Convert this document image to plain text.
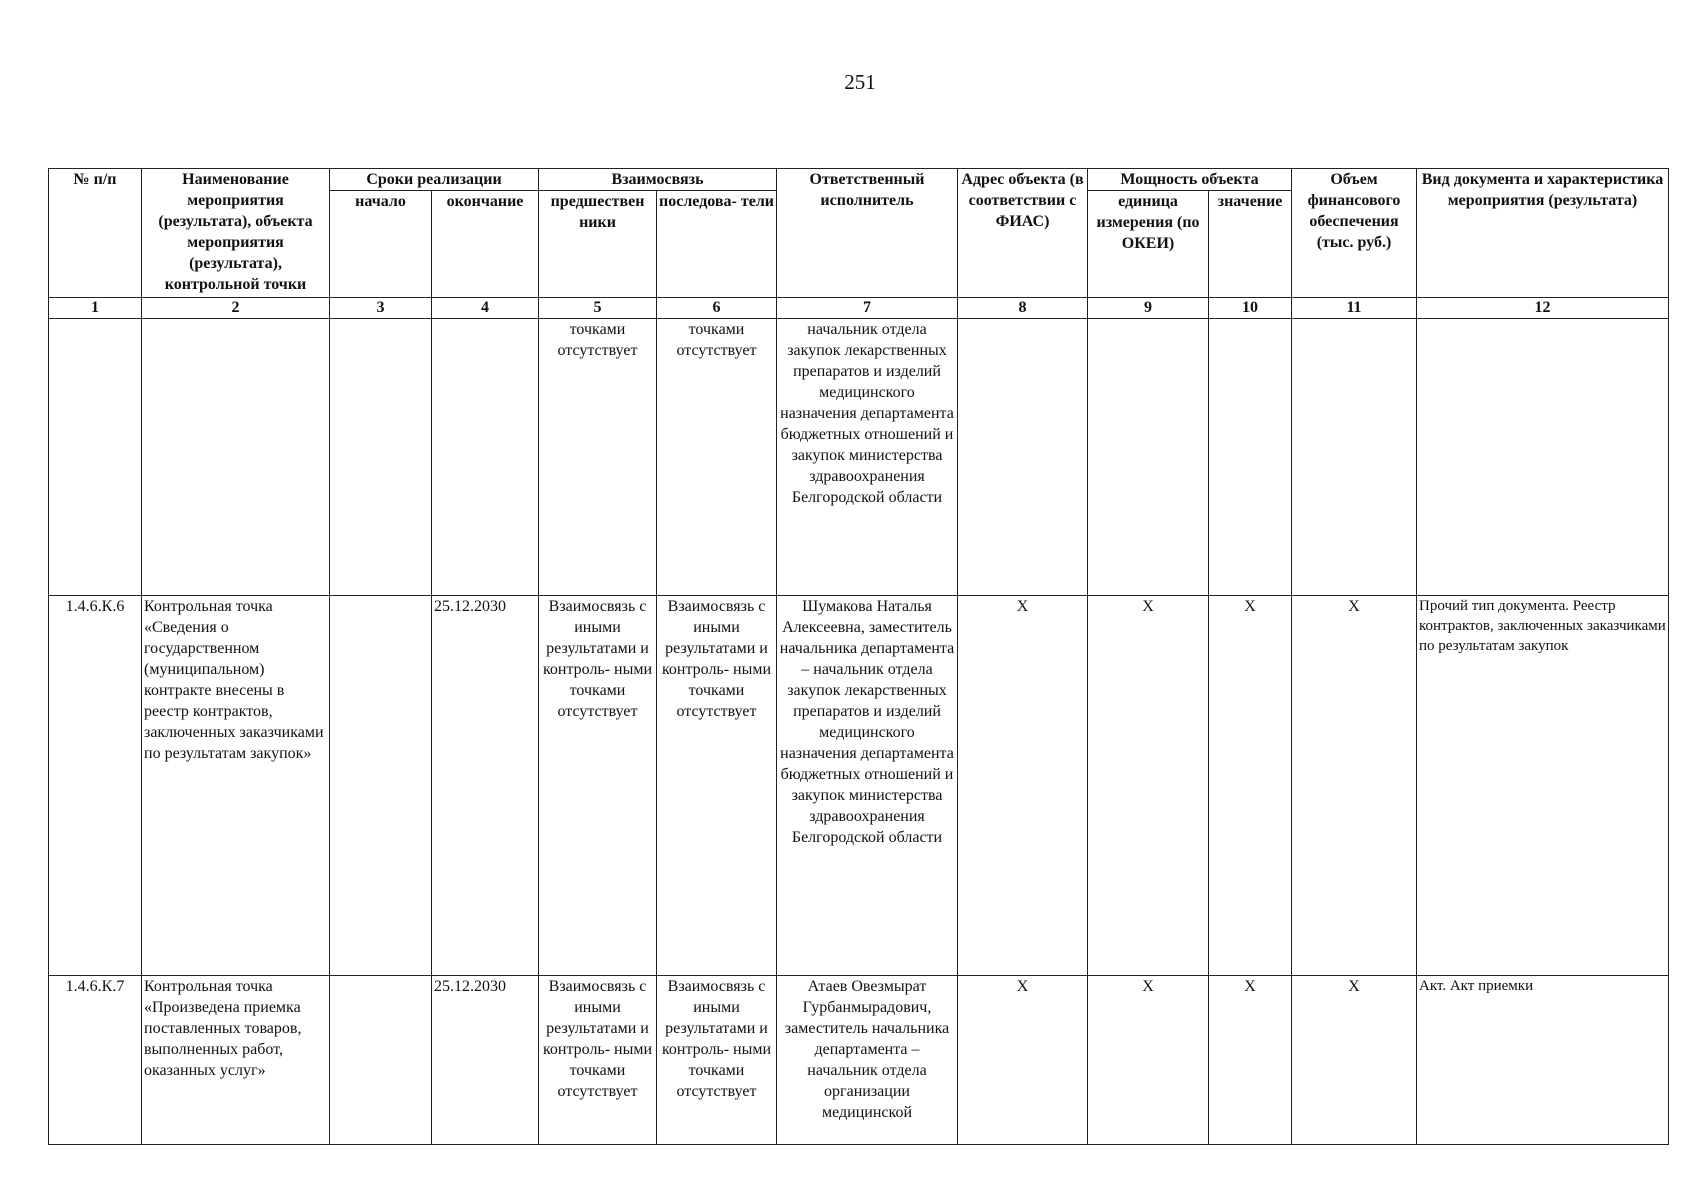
251
№ п/п	Наименование мероприятия (результата), объекта мероприятия (результата), контрольной точки	Сроки реализации		Взаимосвязь		Ответственный исполнитель	Адрес объекта (в соответствии с ФИАС)	Мощность объекта		Объем финансового обеспечения (тыс. руб.)	Вид документа и характеристика мероприятия (результата)
		начало	окончание	предшествен ники	последова- тели			единица измерения (по ОКЕИ)	значение		
1	2	3	4	5	6	7	8	9	10	11	12
				точками отсутствует	точками отсутствует	начальник отдела закупок лекарственных препаратов и изделий медицинского назначения департамента бюджетных отношений и закупок министерства здравоохранения Белгородской области					
1.4.6.К.6	Контрольная точка «Сведения о государственном (муниципальном) контракте внесены в реестр контрактов, заключенных заказчиками по результатам закупок»		25.12.2030	Взаимосвязь с иными результатами и контроль- ными точками отсутствует	Взаимосвязь с иными результатами и контроль- ными точками отсутствует	Шумакова Наталья Алексеевна, заместитель начальника департамента – начальник отдела закупок лекарственных препаратов и изделий медицинского назначения департамента бюджетных отношений и закупок министерства здравоохранения Белгородской области	X	X	X	X	Прочий тип документа. Реестр контрактов, заключенных заказчиками по результатам закупок
1.4.6.К.7	Контрольная точка «Произведена приемка поставленных товаров, выполненных работ, оказанных услуг»		25.12.2030	Взаимосвязь с иными результатами и контроль- ными точками отсутствует	Взаимосвязь с иными результатами и контроль- ными точками отсутствует	Атаев Овезмырат Гурбанмырадович, заместитель начальника департамента – начальник отдела организации медицинской	X	X	X	X	Акт. Акт приемки
